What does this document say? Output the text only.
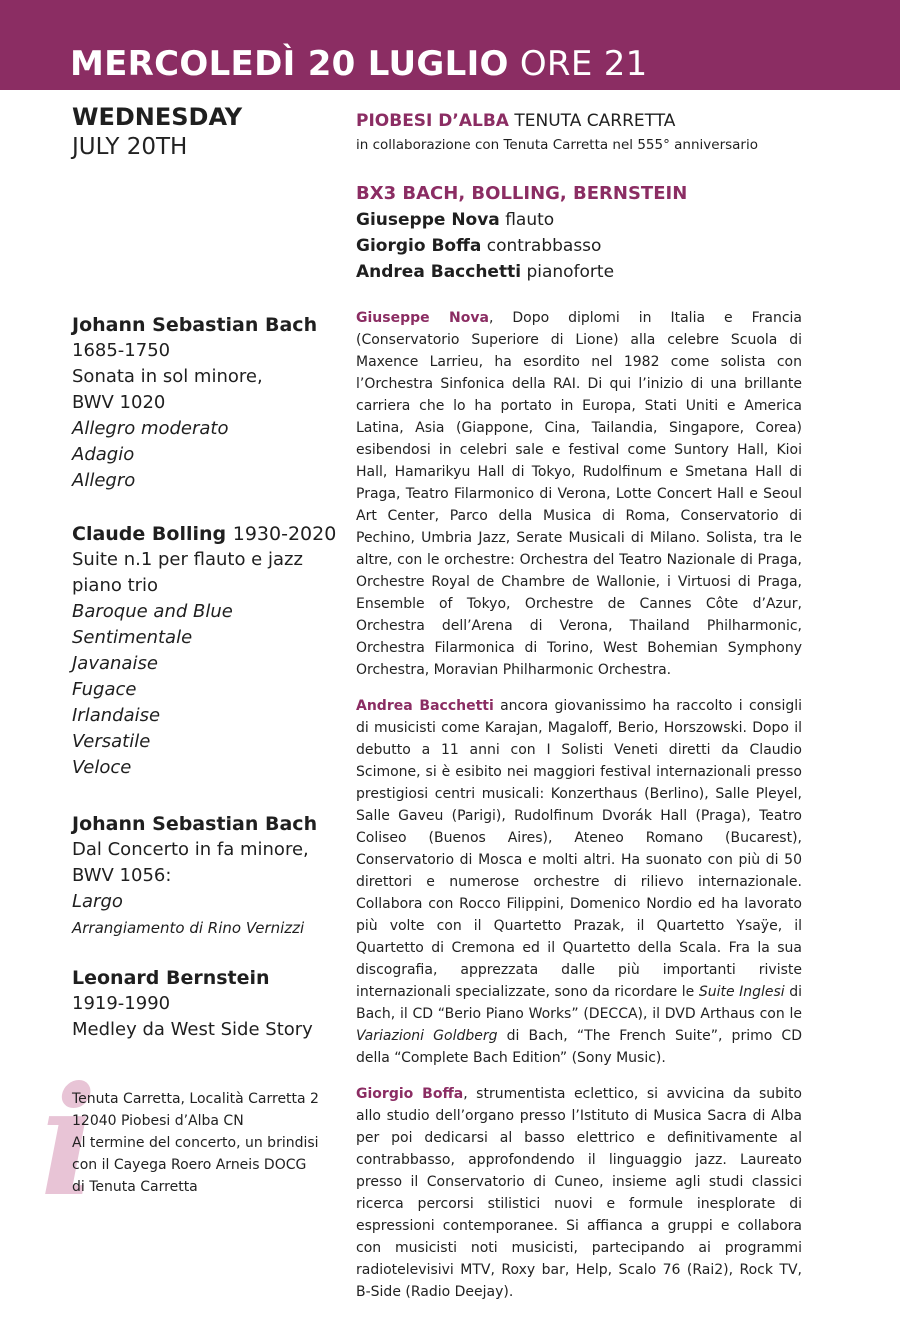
MERCOLEDÌ 20 LUGLIO ORE 21

WEDNESDAY

JULY 20TH

Johann Sebastian Bach
1685-1750
Sonata in sol minore,
BWV 1020
Allegro moderato
Adagio
Allegro
Claude Bolling 1930-2020
Suite n.1 per flauto e jazz
piano trio
Baroque and Blue
Sentimentale
Javanaise
Fugace
Irlandaise
Versatile
Veloce
Johann Sebastian Bach
Dal Concerto in fa minore,
BWV 1056:
Largo
Arrangiamento di Rino Vernizzi
Leonard Bernstein
1919-1990
Medley da West Side Story
i
Tenuta Carretta, Località Carretta 2
12040 Piobesi d’Alba CN
Al termine del concerto, un brindisi
con il Cayega Roero Arneis DOCG
di Tenuta Carretta
PIOBESI D’ALBA TENUTA CARRETTA
in collaborazione con Tenuta Carretta nel 555° anniversario
BX3 BACH, BOLLING, BERNSTEIN
Giuseppe Nova flauto
Giorgio Boffa contrabbasso
Andrea Bacchetti pianoforte

Giuseppe Nova, Dopo diplomi in Italia e Francia (Conservatorio Superiore di Lione) alla celebre Scuola di Maxence Larrieu, ha esordito nel 1982 come solista con l’Orchestra Sinfonica della RAI. Di qui l’inizio di una brillante carriera che lo ha portato in Europa, Stati Uniti e America Latina, Asia (Giappone, Cina, Tailandia, Singapore, Corea) esibendosi in celebri sale e festival come Suntory Hall, Kioi Hall, Hamarikyu Hall di Tokyo, Rudolfinum e Smetana Hall di Praga, Teatro Filarmonico di Verona, Lotte Concert Hall e Seoul Art Center, Parco della Musica di Roma, Conservatorio di Pechino, Umbria Jazz, Serate Musicali di Milano. Solista, tra le altre, con le orchestre: Orchestra del Teatro Nazionale di Praga, Orchestre Royal de Chambre de Wallonie, i Virtuosi di Praga, Ensemble of Tokyo, Orchestre de Cannes Côte d’Azur, Orchestra dell’Arena di Verona, Thailand Philharmonic, Orchestra Filarmonica di Torino, West Bohemian Symphony Orchestra, Moravian Philharmonic Orchestra.

Andrea Bacchetti ancora giovanissimo ha raccolto i consigli di musicisti come Karajan, Magaloff, Berio, Horszowski. Dopo il debutto a 11 anni con I Solisti Veneti diretti da Claudio Scimone, si è esibito nei maggiori festival internazionali presso prestigiosi centri musicali: Konzerthaus (Berlino), Salle Pleyel, Salle Gaveu (Parigi), Rudolfinum Dvorák Hall (Praga), Teatro Coliseo (Buenos Aires), Ateneo Romano (Bucarest), Conservatorio di Mosca e molti altri. Ha suonato con più di 50 direttori e numerose orchestre di rilievo internazionale. Collabora con Rocco Filippini, Domenico Nordio ed ha lavorato più volte con il Quartetto Prazak, il Quartetto Ysaÿe, il Quartetto di Cremona ed il Quartetto della Scala. Fra la sua discografia, apprezzata dalle più importanti riviste internazionali specializzate, sono da ricordare le Suite Inglesi di Bach, il CD “Berio Piano Works” (DECCA), il DVD Arthaus con le Variazioni Goldberg di Bach, “The French Suite”, primo CD della “Complete Bach Edition” (Sony Music).

Giorgio Boffa, strumentista eclettico, si avvicina da subito allo studio dell’organo presso l’Istituto di Musica Sacra di Alba per poi dedicarsi al basso elettrico e definitivamente al contrabbasso, approfondendo il linguaggio jazz. Laureato presso il Conservatorio di Cuneo, insieme agli studi classici ricerca percorsi stilistici nuovi e formule inesplorate di espressioni contemporanee. Si affianca a gruppi e collabora con musicisti noti musicisti, partecipando ai programmi radiotelevisivi MTV, Roxy bar, Help, Scalo 76 (Rai2), Rock TV, B-Side (Radio Deejay).
